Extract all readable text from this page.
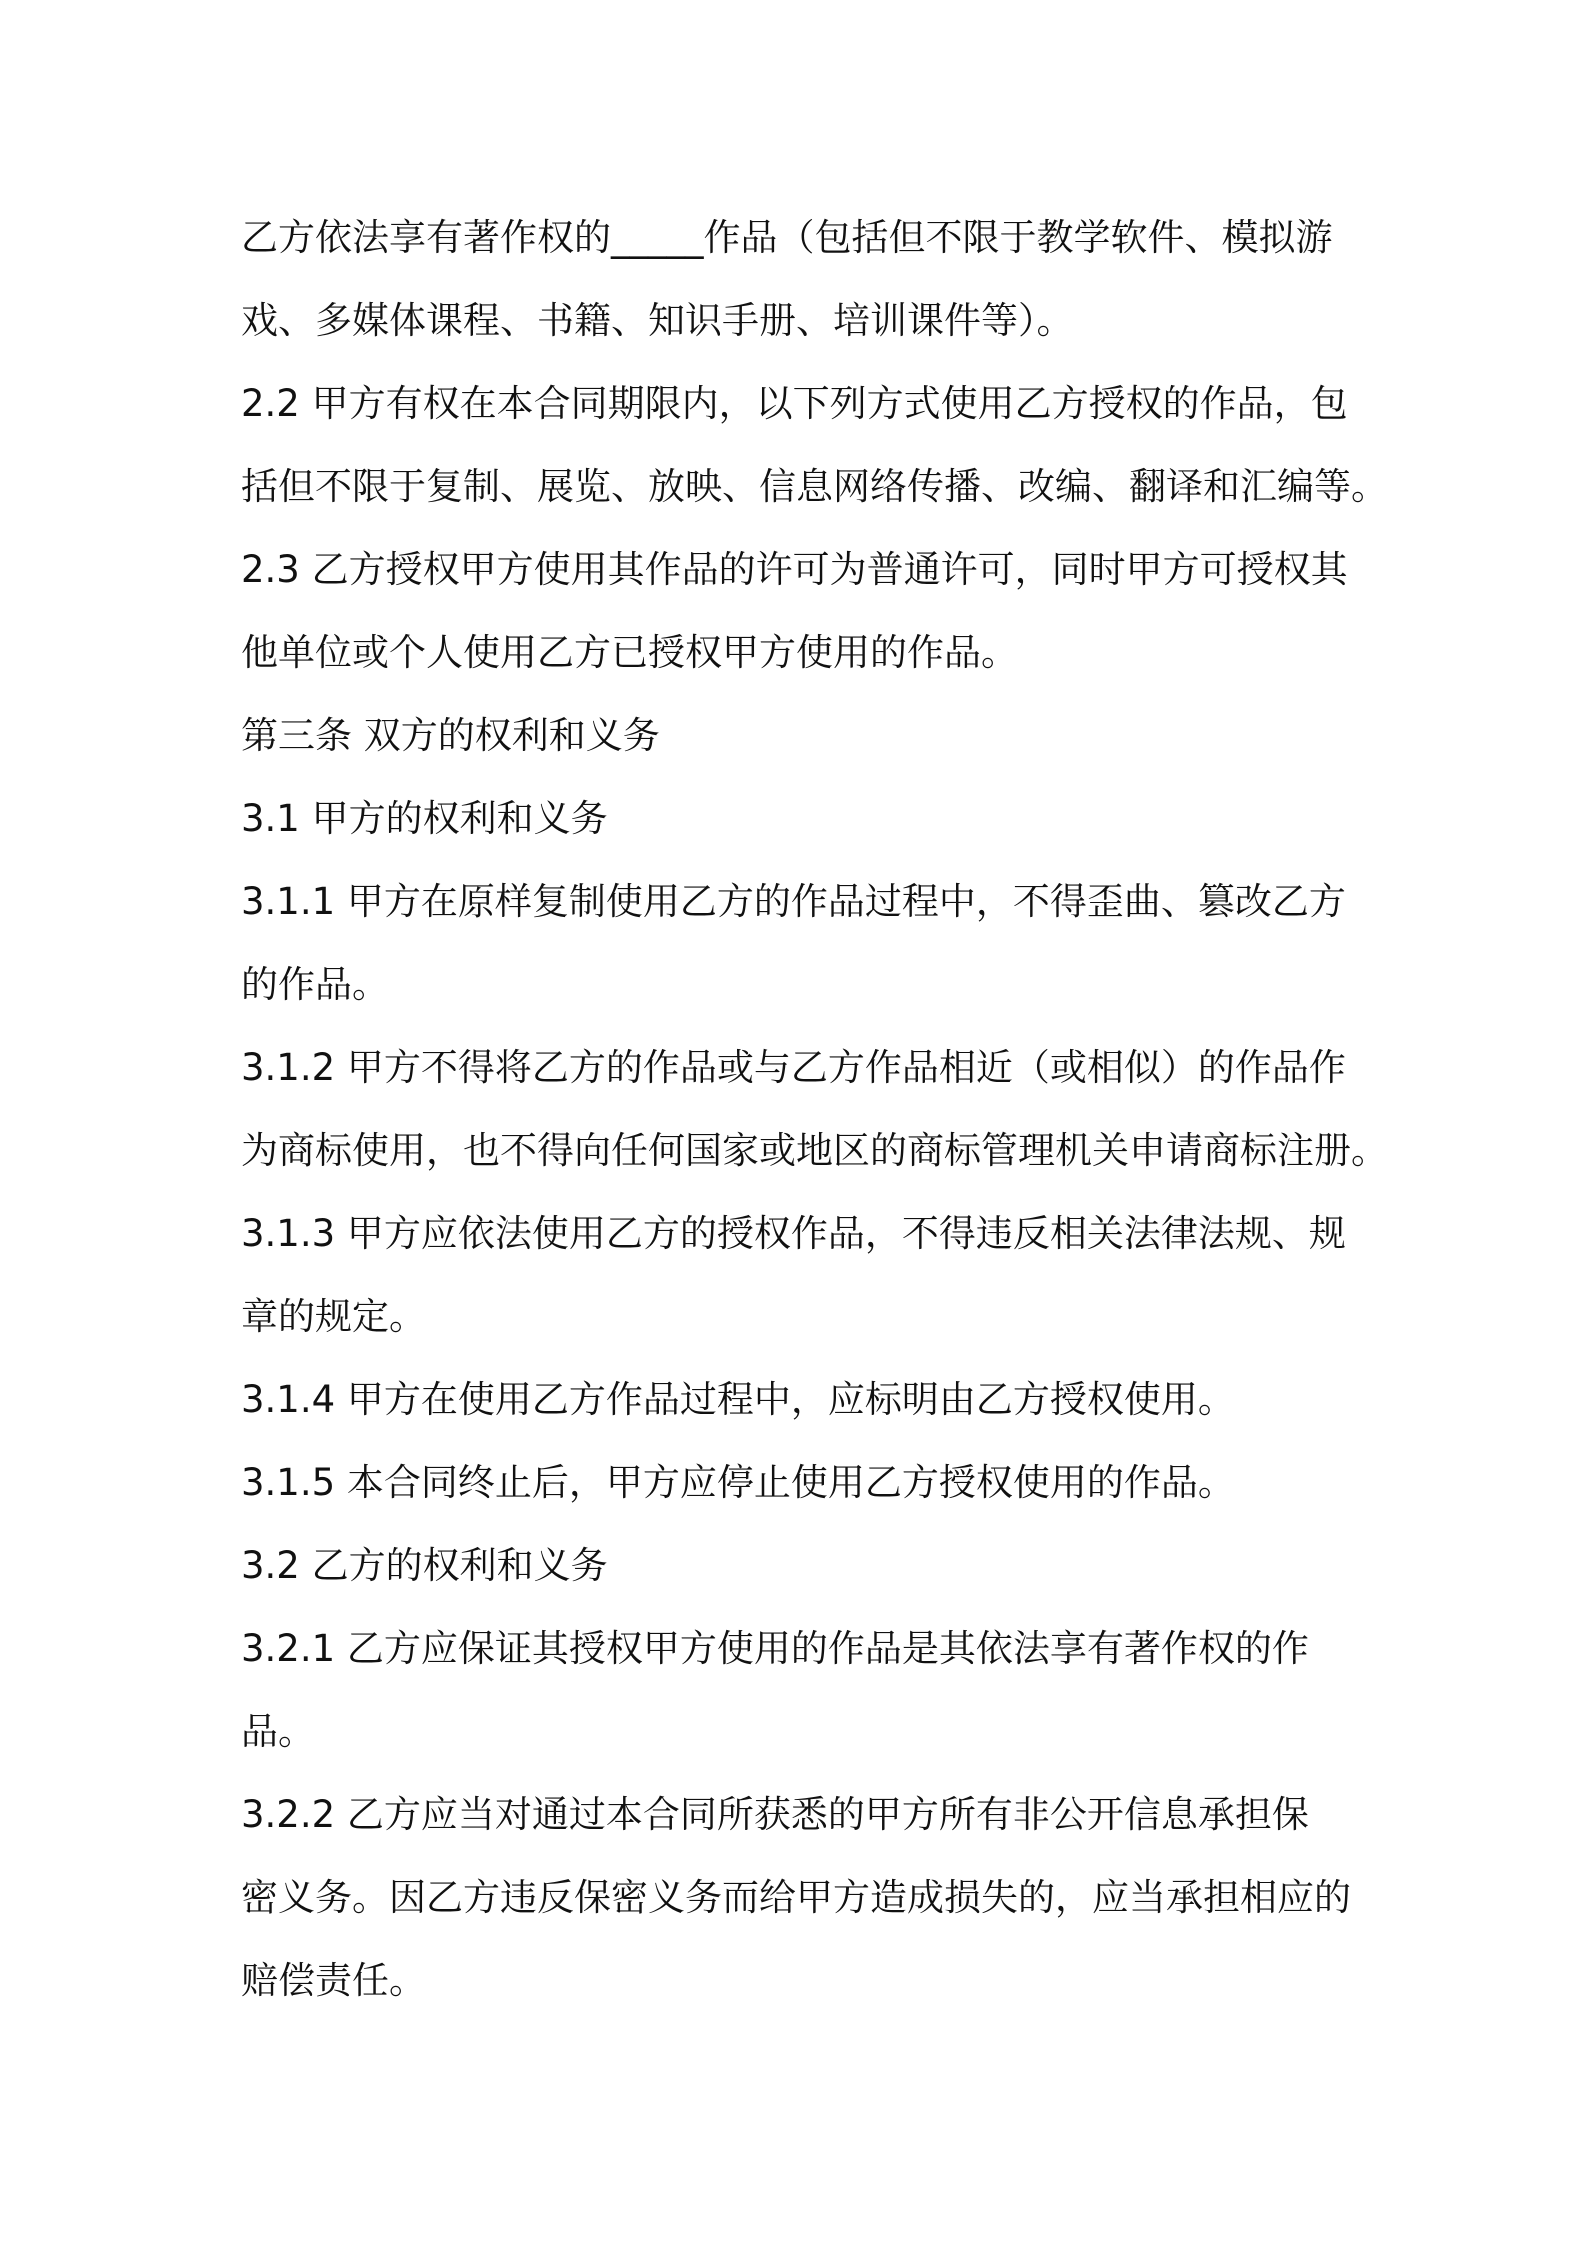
乙方依法享有著作权的_____作品（包括但不限于教学软件、模拟游
戏、多媒体课程、书籍、知识手册、培训课件等）。
2.2 甲方有权在本合同期限内，以下列方式使用乙方授权的作品，包
括但不限于复制、展览、放映、信息网络传播、改编、翻译和汇编等。
2.3 乙方授权甲方使用其作品的许可为普通许可，同时甲方可授权其
他单位或个人使用乙方已授权甲方使用的作品。
第三条 双方的权利和义务
3.1 甲方的权利和义务
3.1.1 甲方在原样复制使用乙方的作品过程中，不得歪曲、篡改乙方
的作品。
3.1.2 甲方不得将乙方的作品或与乙方作品相近（或相似）的作品作
为商标使用，也不得向任何国家或地区的商标管理机关申请商标注册。
3.1.3 甲方应依法使用乙方的授权作品，不得违反相关法律法规、规
章的规定。
3.1.4 甲方在使用乙方作品过程中，应标明由乙方授权使用。
3.1.5 本合同终止后，甲方应停止使用乙方授权使用的作品。
3.2 乙方的权利和义务
3.2.1 乙方应保证其授权甲方使用的作品是其依法享有著作权的作
品。
3.2.2 乙方应当对通过本合同所获悉的甲方所有非公开信息承担保
密义务。因乙方违反保密义务而给甲方造成损失的，应当承担相应的
赔偿责任。
